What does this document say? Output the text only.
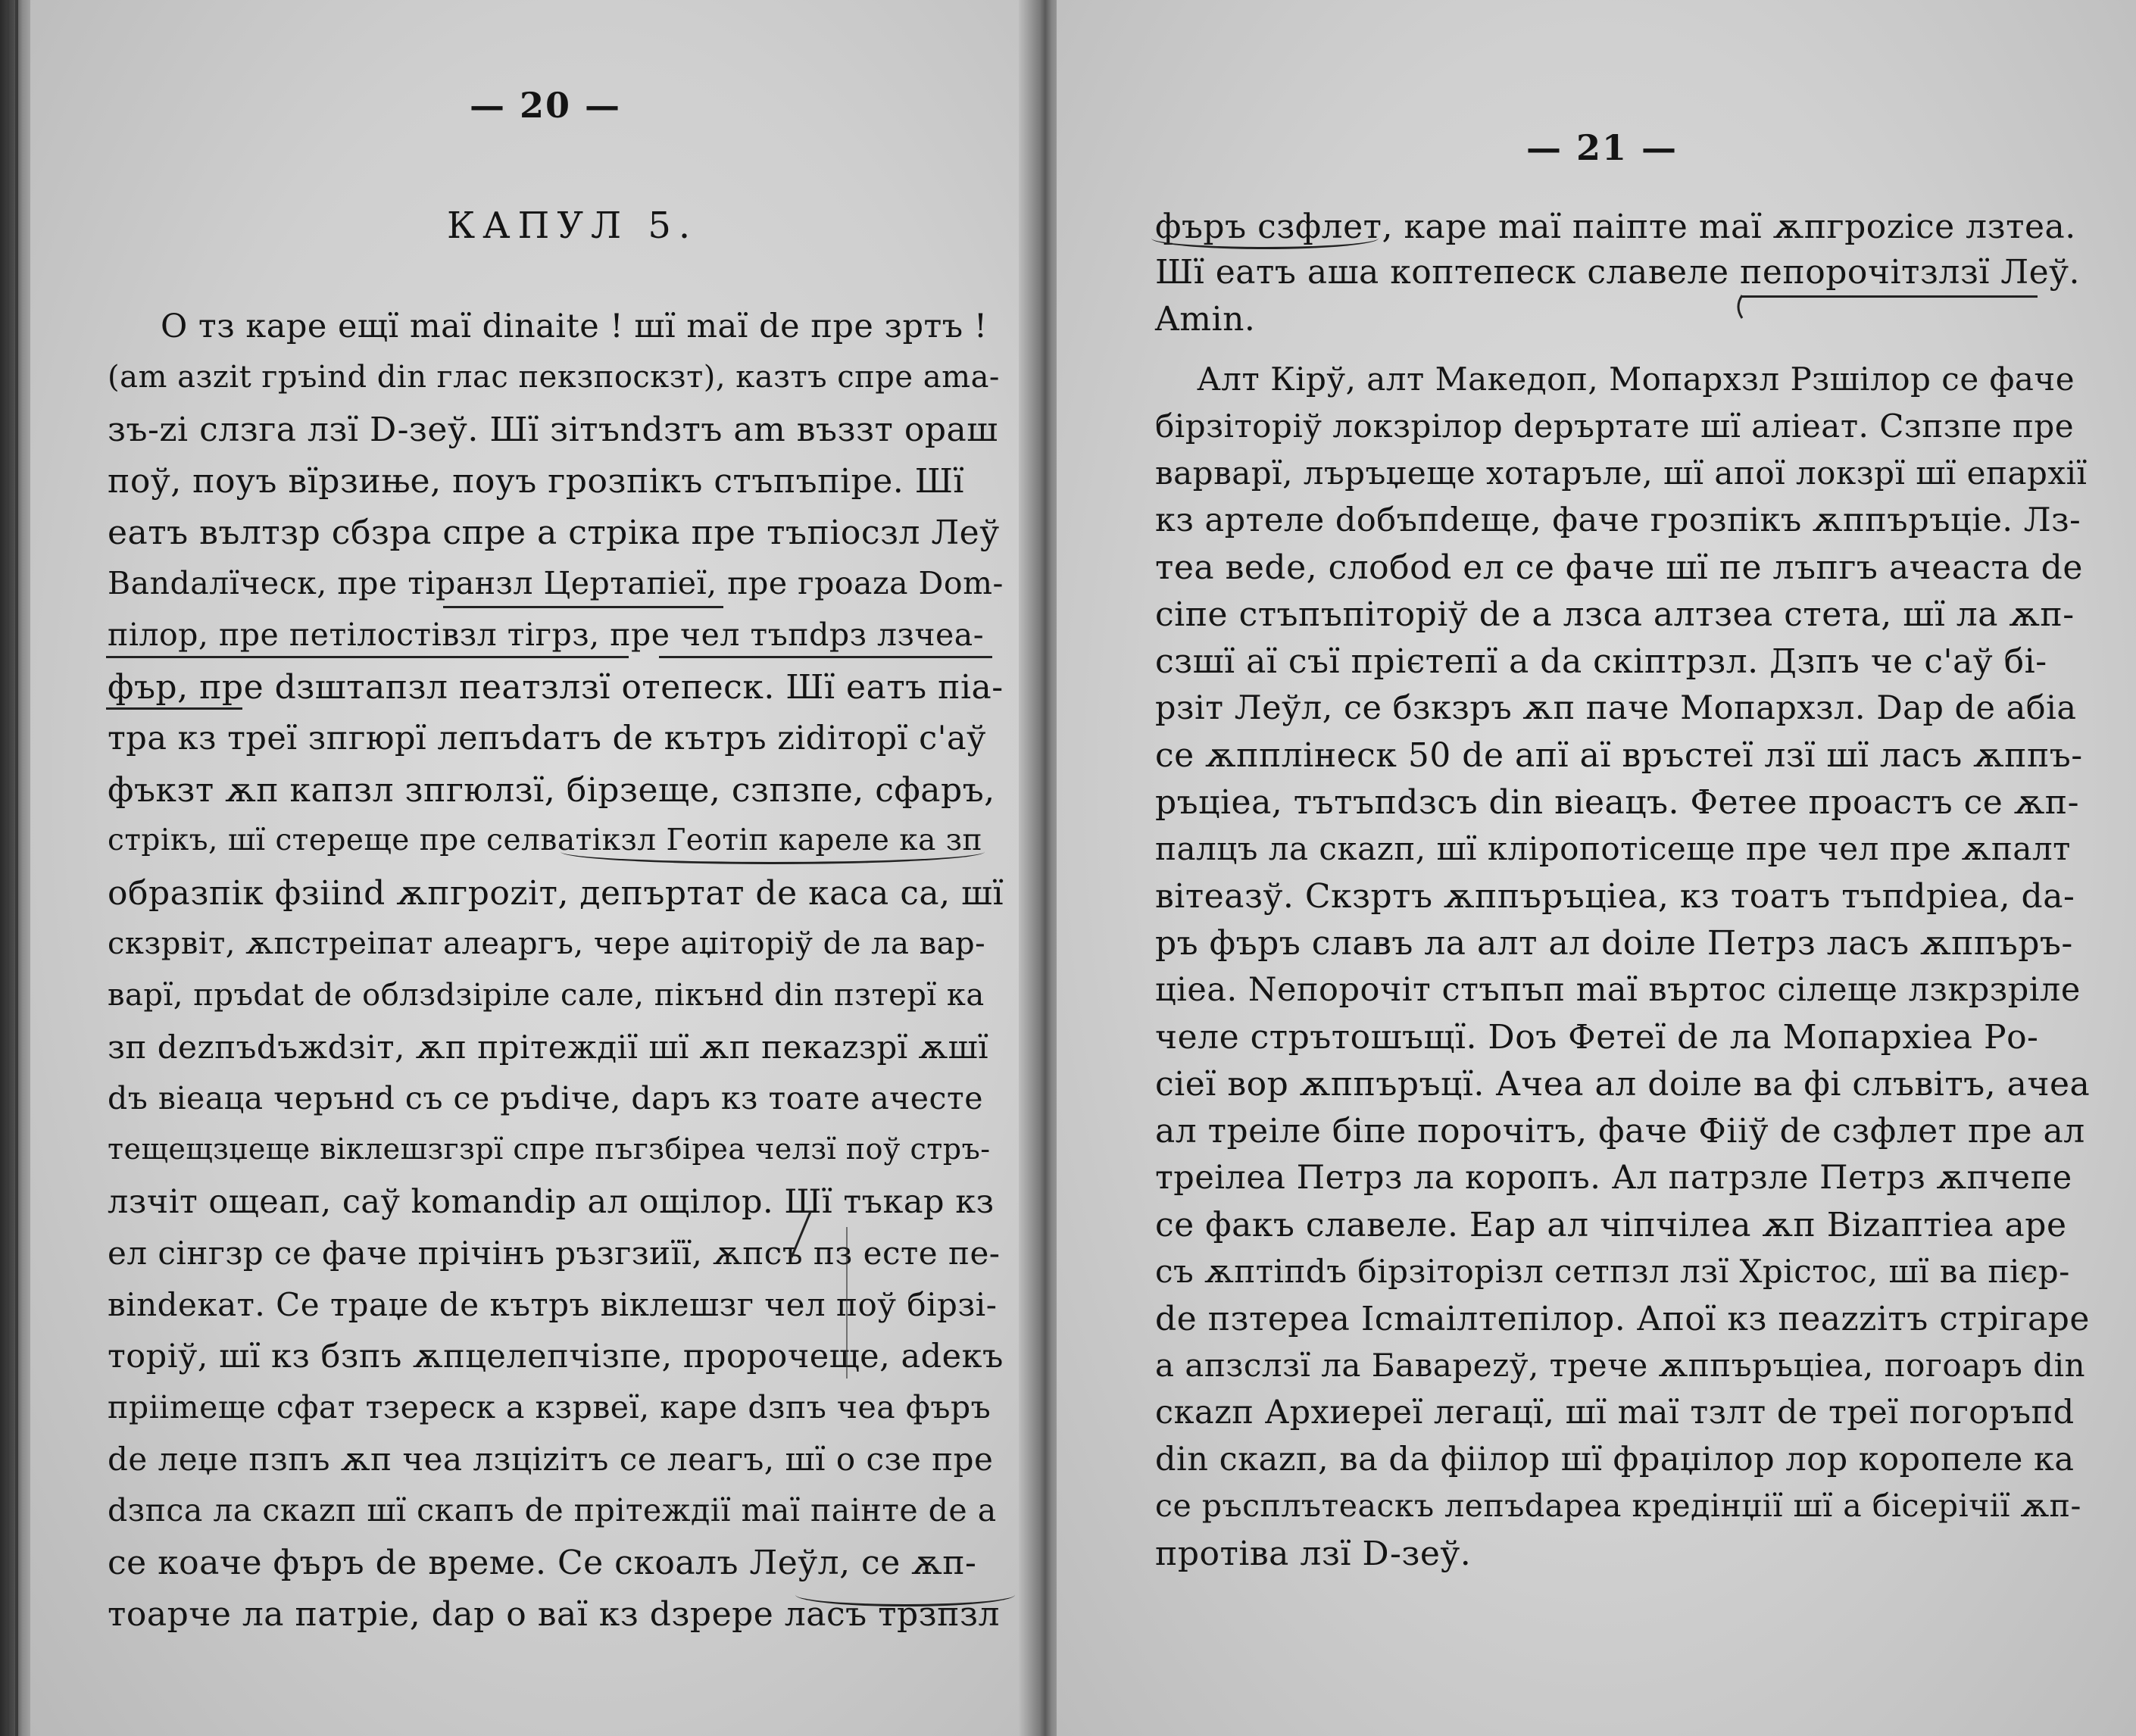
— 20 —
КАПУЛ 5.
О тз каре ещї maї dinaite ! шї maї de пре зртъ !
(am азzit гръind din глас пекзпоскзт), казтъ спре ama-
зъ-zi слзга лзї D-зеў. Шї зітъndзтъ am въззт ораш
поў, поуъ вїрзиње, поуъ грозпікъ стъпъпіре. Шї
еатъ вълтзр сбзра спре а стріка пре тъпіосзл Леў
Bandaлїческ, пре тіранзл Цертапіеї, пре гроаzа Dom-
пілор, пре петілостівзл тігрз, пре чел тъпdрз лзчеа-
фър, пре dзштапзл пеатзлзї отепеск. Шї еатъ піа-
тра кз треї зпгюрї лепъdатъ de кътръ zidiторї с'аў
фъкзт ѫп капзл зпгюлзї, бірзеще, сзпзпе, сфаръ,
стрікъ, шї стереще пре селватікзл Геотіп кареле ка зп
образпік фзiind ѫпгроzіт, депъртат de каса са, шї
скзрвіт, ѫпстреіпат алеаргъ, чере аџіторіў de ла вар-
варї, пръdat de облзdзіріле сале, пікънd din пзтерї ка
зп dezпъdъжdзіт, ѫп прітеждії шї ѫп пекаzзрї ѫшї
dъ віеаца чеpънd съ се ръdіче, dаръ кз тоате ачесте
тещещзџеще віклешзгзрї спре пъгзбіреа челзї поў стръ-
лзчіт ощеап, саў komandір ал ощілор. Шї тъкар кз
ел сінгзр се фаче прічінъ ръзгзиїї, ѫпсъ пз есте пе-
віndекат. Се траџе de кътръ віклешзг чел поў бірзі-
торіў, шї кз бзпъ ѫпцелепчізпе, пророчеще, adекъ
прііmеще сфат тзереск а кзрвеї, каре dзпъ чеа фъръ
de леџе пзпъ ѫп чеа лзціzітъ се леагъ, шї о сзе пре
dзпса ла скаzп шї скапъ de прітеждії maї паінте de а
се коаче фъръ de време. Се скоалъ Леўл, се ѫп-
тоарче ла патріе, dар о ваї кз dзрере ласъ трзпзл
— 21 —
фъръ сзфлет, каре maї паіпте maї ѫпгроzісе лзтеа.
Шї еатъ аша коптепеск славеле пепорочітзлзї Леў.
Amin.
Алт Кірў, алт Македоп, Мопархзл Рзшілор се фаче
бірзіторіў локзрілор depъртате шї аліеат. Сзпзпе пре
варварї, лъръџеще хотаръле, шї апої локзрї шї епархії
кз артеле dобъпdеще, фаче грозпікъ ѫппъръціе. Лз-
теа веdе, слобоd ел се фаче шї пе лъпгъ ачеаста de
сіпе стъпъпіторіў de а лзса алтзеа стета, шї ла ѫп-
сзшї аї съї прієтепї а dа скіптрзл. Дзпъ че с'аў бі-
рзіт Леўл, се бзкзръ ѫп паче Мопархзл. Dар de абіа
се ѫпплінеск 50 de апї аї връстеї лзї шї ласъ ѫппъ-
ръціеа, тътъпdзсъ din віеацъ. Фетее проастъ се ѫп-
палцъ ла скаzп, шї кліропотісеще пре чел пре ѫпалт
вітеазў. Скзртъ ѫппъръціеа, кз тоатъ тъпdріеа, dа-
ръ фъръ славъ ла алт ал doiле Петрз ласъ ѫппъръ-
ціеа. Nепорочіт стъпъп maї въртос сілеще лзкрзріле
челе стрътошъщї. Dоъ Фетеї de ла Мопархіеа Ро-
сіеї вор ѫппъръцї. Ачеа ал doiле ва фі слъвітъ, ачеа
ал треіле біпе порочітъ, фаче Фііў de сзфлет пре ал
треілеа Петрз ла коропъ. Ал патрзле Петрз ѫпчепе
се факъ славеле. Еар ал чіпчілеа ѫп Bizaптіеа аре
съ ѫптіпdъ бірзіторізл сетпзл лзї Хрістос, шї ва пієр-
de пзтереа Ісmаілтепілор. Апої кз пеаzzітъ стрігаре
а апзслзї ла Бавареzў, тречe ѫппъръціеа, погоаръ din
скаzп Архиереї легацї, шї maї тзлт de треї погоръпd
din скаzп, ва dа фіілор шї фраџілор лор коропеле ка
се ръсплътеаскъ лепъdареа кредінџії шї а бісерічії ѫп-
протіва лзї D-зеў.
